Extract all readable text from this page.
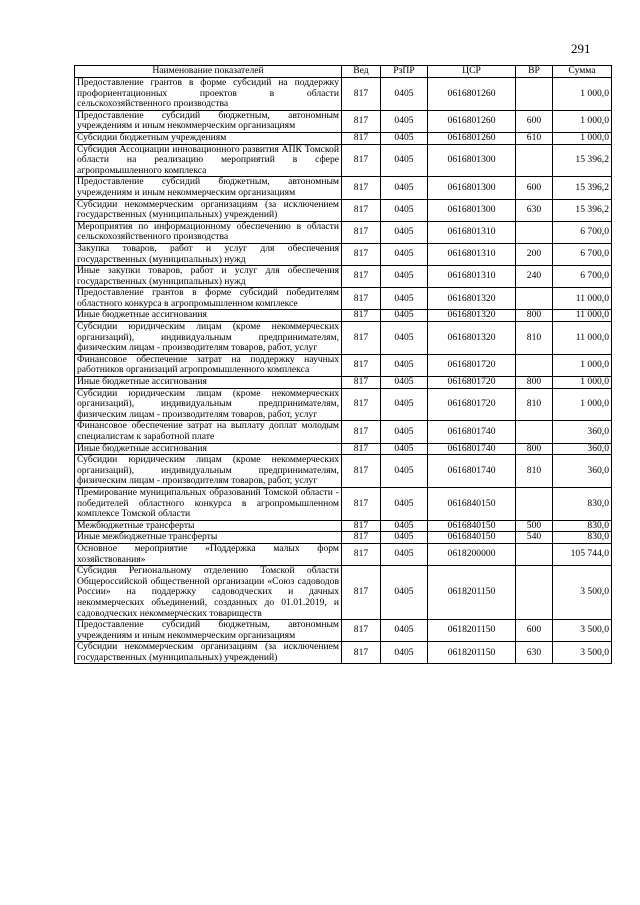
291
Наименование показателей	Вед	РзПР	ЦСР	ВР	Сумма
Предоставление грантов в форме субсидий на поддержку профориентационных проектов в области сельскохозяйственного производства	817	0405	0616801260		1 000,0
Предоставление субсидий бюджетным, автономным учреждениям и иным некоммерческим организациям	817	0405	0616801260	600	1 000,0
Субсидии бюджетным учреждениям	817	0405	0616801260	610	1 000,0
Субсидия Ассоциации инновационного развития АПК Томской области на реализацию мероприятий в сфере агропромышленного комплекса	817	0405	0616801300		15 396,2
Предоставление субсидий бюджетным, автономным учреждениям и иным некоммерческим организациям	817	0405	0616801300	600	15 396,2
Субсидии некоммерческим организациям (за исключением государственных (муниципальных) учреждений)	817	0405	0616801300	630	15 396,2
Мероприятия по информационному обеспечению в области сельскохозяйственного производства	817	0405	0616801310		6 700,0
Закупка товаров, работ и услуг для обеспечения государственных (муниципальных) нужд	817	0405	0616801310	200	6 700,0
Иные закупки товаров, работ и услуг для обеспечения государственных (муниципальных) нужд	817	0405	0616801310	240	6 700,0
Предоставление грантов в форме субсидий победителям областного конкурса в агропромышленном комплексе	817	0405	0616801320		11 000,0
Иные бюджетные ассигнования	817	0405	0616801320	800	11 000,0
Субсидии юридическим лицам (кроме некоммерческих организаций), индивидуальным предпринимателям, физическим лицам - производителям товаров, работ, услуг	817	0405	0616801320	810	11 000,0
Финансовое обеспечение затрат на поддержку научных работников организаций агропромышленного комплекса	817	0405	0616801720		1 000,0
Иные бюджетные ассигнования	817	0405	0616801720	800	1 000,0
Субсидии юридическим лицам (кроме некоммерческих организаций), индивидуальным предпринимателям, физическим лицам - производителям товаров, работ, услуг	817	0405	0616801720	810	1 000,0
Финансовое обеспечение затрат на выплату доплат молодым специалистам к заработной плате	817	0405	0616801740		360,0
Иные бюджетные ассигнования	817	0405	0616801740	800	360,0
Субсидии юридическим лицам (кроме некоммерческих организаций), индивидуальным предпринимателям, физическим лицам - производителям товаров, работ, услуг	817	0405	0616801740	810	360,0
Премирование муниципальных образований Томской области - победителей областного конкурса в агропромышленном комплексе Томской области	817	0405	0616840150		830,0
Межбюджетные трансферты	817	0405	0616840150	500	830,0
Иные межбюджетные трансферты	817	0405	0616840150	540	830,0
Основное мероприятие «Поддержка малых форм хозяйствования»	817	0405	0618200000		105 744,0
Субсидия Региональному отделению Томской области Общероссийской общественной организации «Союз садоводов России» на поддержку садоводческих и дачных некоммерческих объединений, созданных до 01.01.2019, и садоводческих некоммерческих товариществ	817	0405	0618201150		3 500,0
Предоставление субсидий бюджетным, автономным учреждениям и иным некоммерческим организациям	817	0405	0618201150	600	3 500,0
Субсидии некоммерческим организациям (за исключением государственных (муниципальных) учреждений)	817	0405	0618201150	630	3 500,0
